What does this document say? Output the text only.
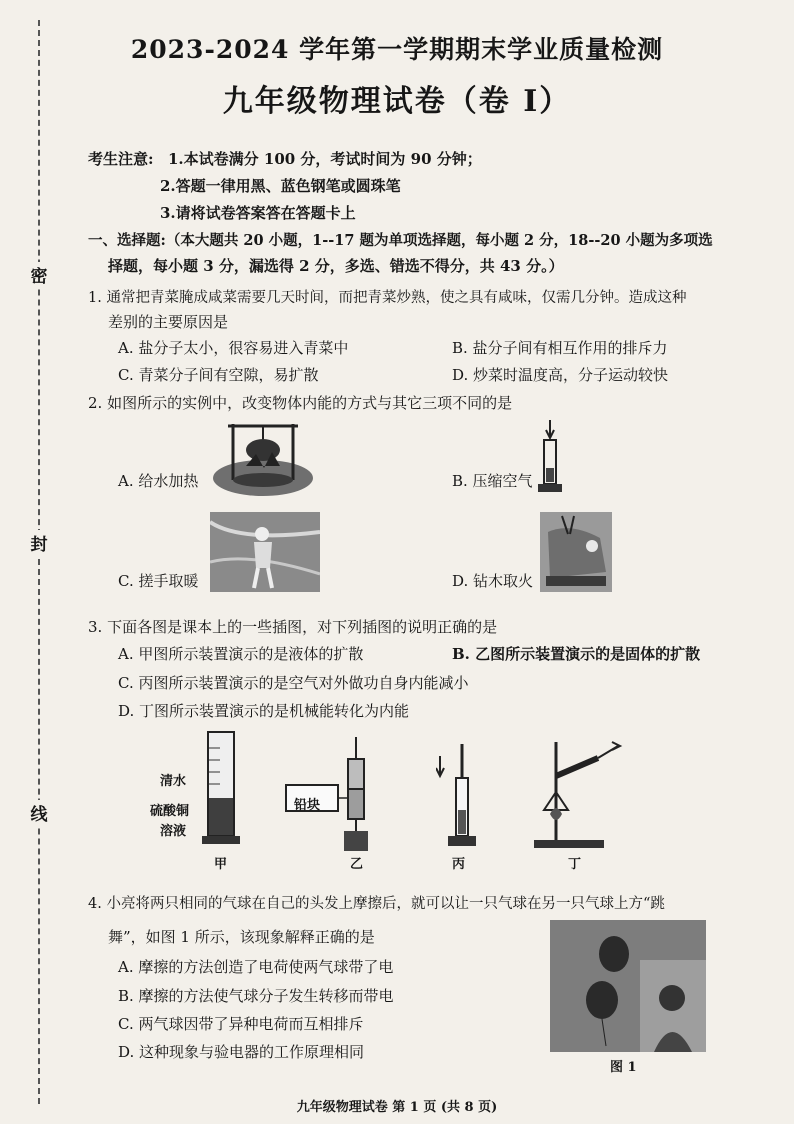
密
封
线
2023-2024 学年第一学期期末学业质量检测
九年级物理试卷（卷 I）
考生注意: 1.本试卷满分 100 分，考试时间为 90 分钟；
2.答题一律用黑、蓝色钢笔或圆珠笔
3.请将试卷答案答在答题卡上
一、选择题:（本大题共 20 小题，1--17 题为单项选择题，每小题 2 分，18--20 小题为多项选
择题，每小题 3 分，漏选得 2 分，多选、错选不得分，共 43 分。）
1. 通常把青菜腌成咸菜需要几天时间，而把青菜炒熟，使之具有咸味，仅需几分钟。造成这种
差别的主要原因是
A. 盐分子太小，很容易进入青菜中	B. 盐分子间有相互作用的排斥力
C. 青菜分子间有空隙，易扩散	D. 炒菜时温度高，分子运动较快
2. 如图所示的实例中，改变物体内能的方式与其它三项不同的是
A. 给水加热	B. 压缩空气
C. 搓手取暖	D. 钻木取火
3. 下面各图是课本上的一些插图，对下列插图的说明正确的是
A. 甲图所示装置演示的是液体的扩散	B. 乙图所示装置演示的是固体的扩散
C. 丙图所示装置演示的是空气对外做功自身内能减小
D. 丁图所示装置演示的是机械能转化为内能
清水
硫酸铜
溶液
甲
铅块
乙	丙	丁
4. 小亮将两只相同的气球在自己的头发上摩擦后，就可以让一只气球在另一只气球上方“跳
舞”，如图 1 所示，该现象解释正确的是
A. 摩擦的方法创造了电荷使两气球带了电
B. 摩擦的方法使气球分子发生转移而带电
C. 两气球因带了异种电荷而互相排斥
D. 这种现象与验电器的工作原理相同
图 1
九年级物理试卷 第 1 页 (共 8 页)
